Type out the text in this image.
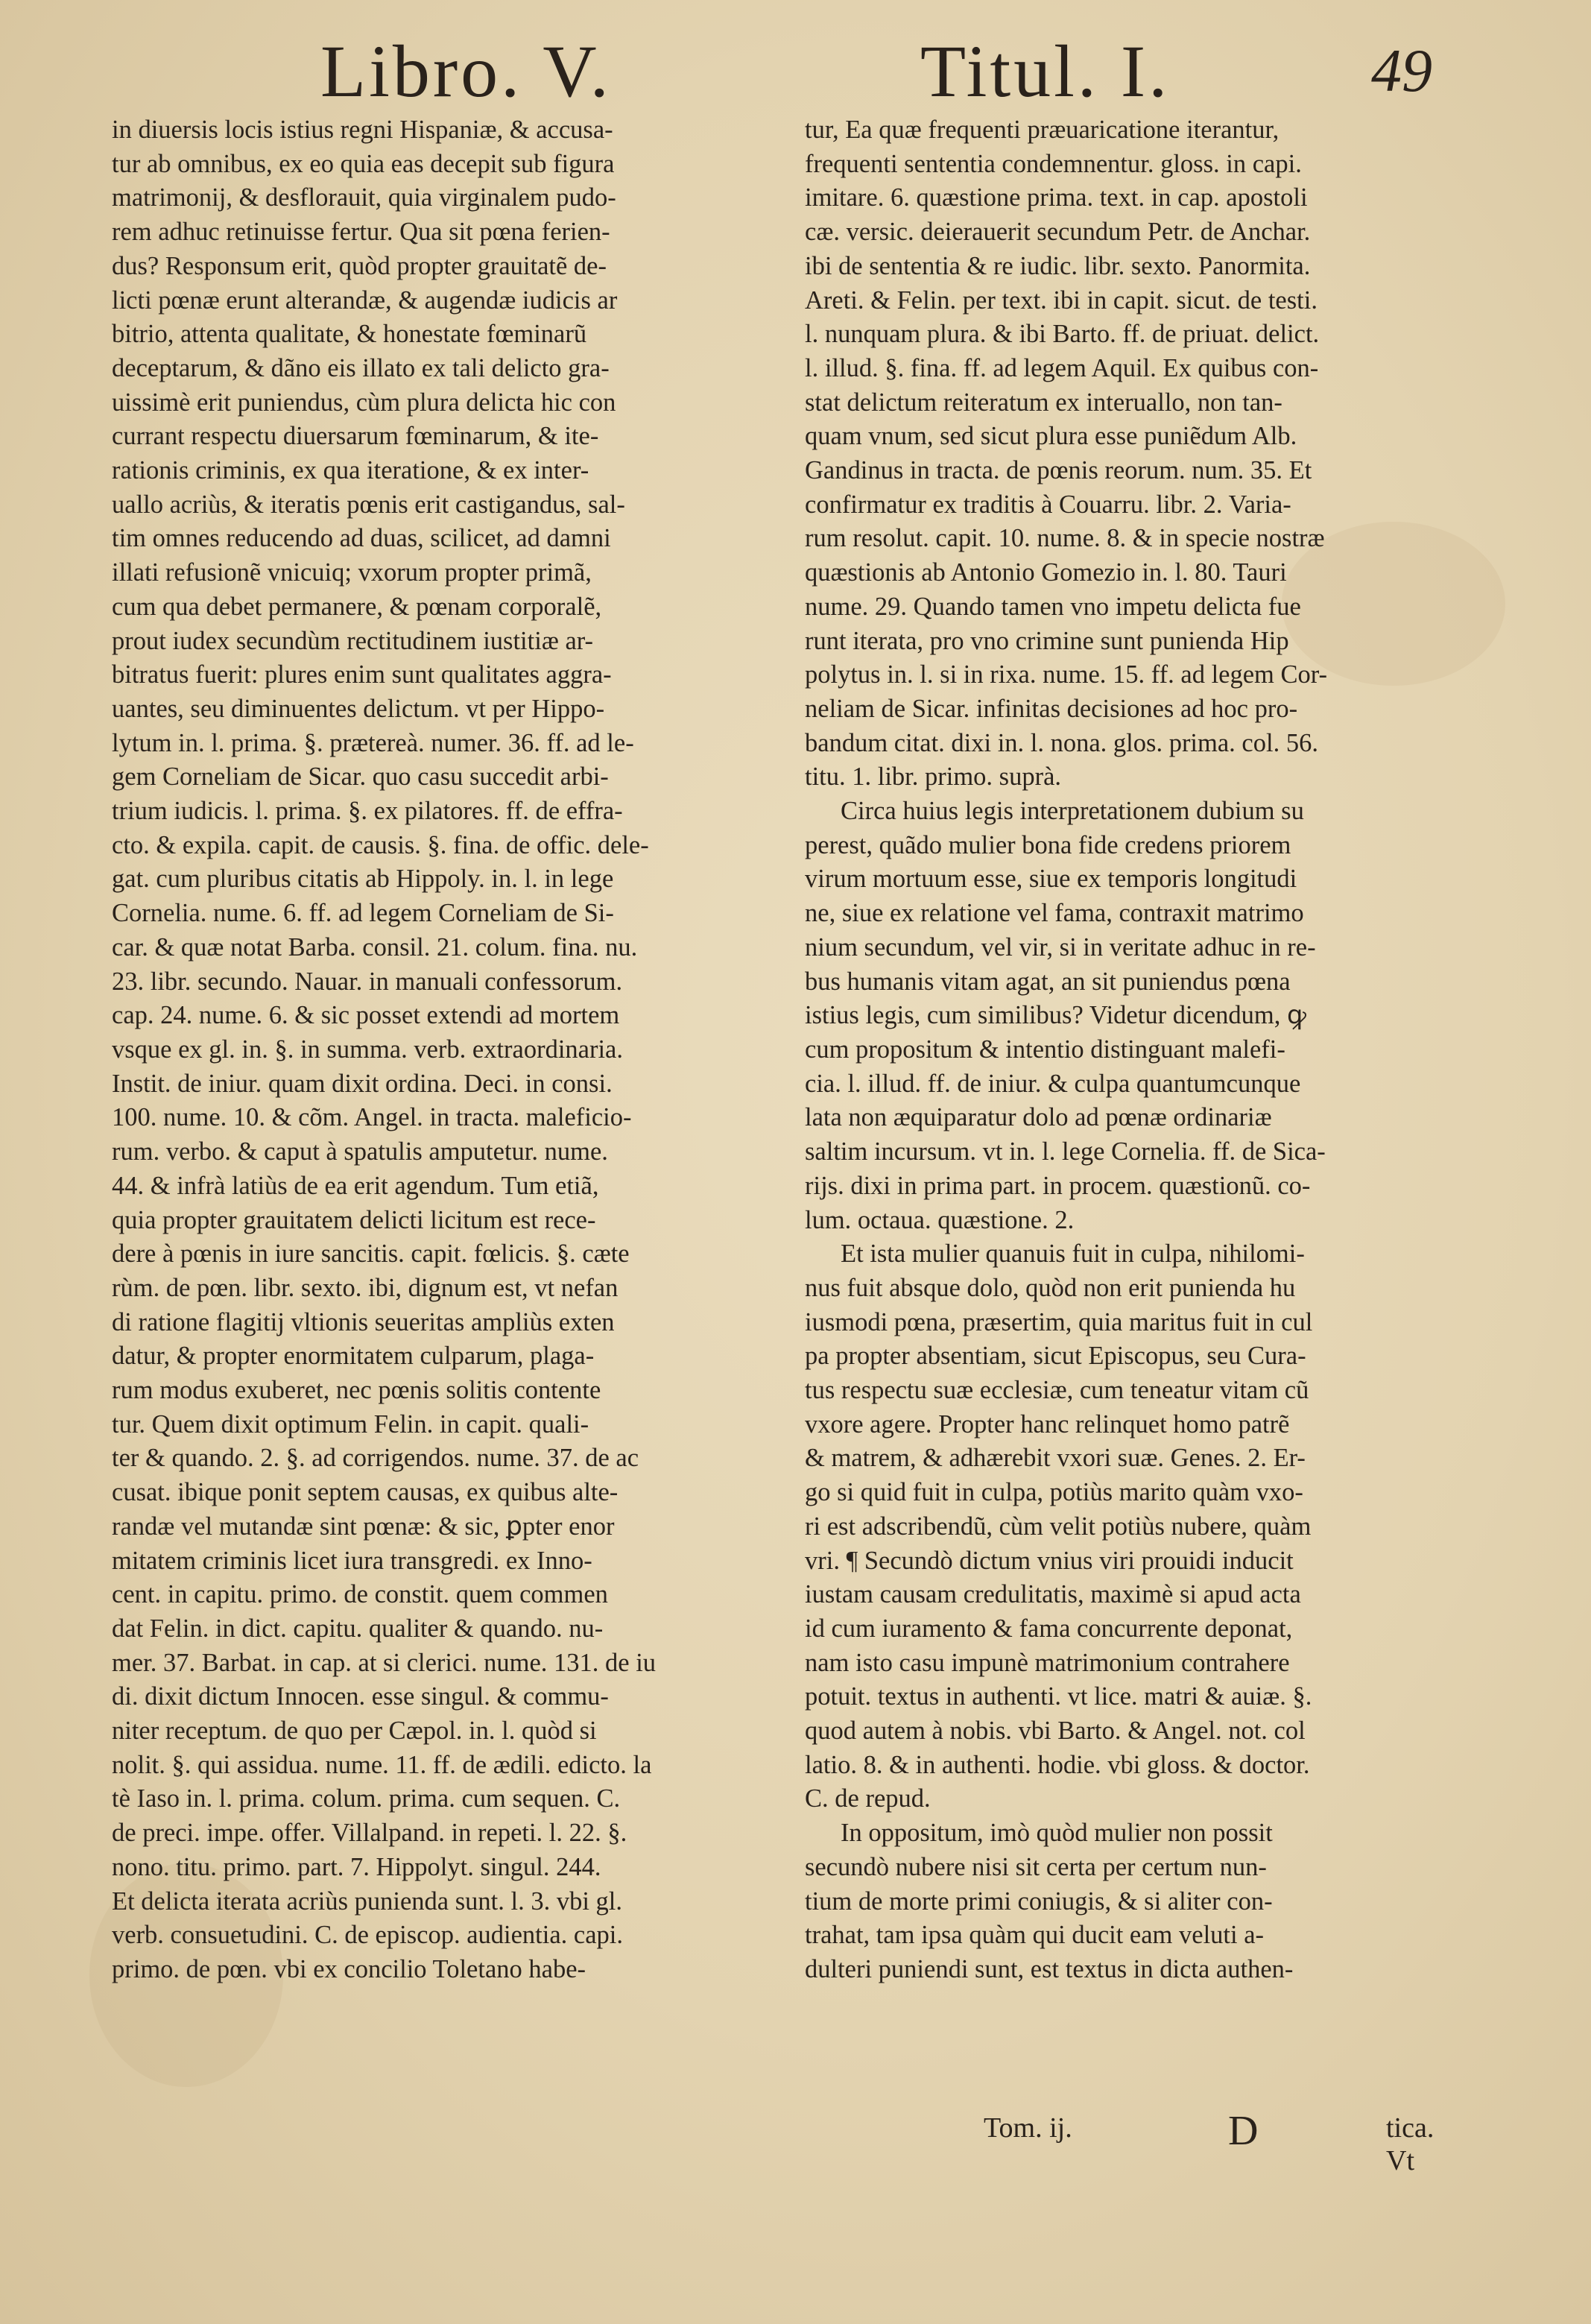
Libro. V.	Titul. I.	49
in diuersis locis istius regni Hispaniæ, & accusa-
tur ab omnibus, ex eo quia eas decepit sub figura
matrimonij, & desflorauit, quia virginalem pudo-
rem adhuc retinuisse fertur. Qua sit pœna ferien-
dus? Responsum erit, quòd propter grauitatẽ de-
licti pœnæ erunt alterandæ, & augendæ iudicis ar
bitrio, attenta qualitate, & honestate fœminarũ
deceptarum, & dãno eis illato ex tali delicto gra-
uissimè erit puniendus, cùm plura delicta hic con
currant respectu diuersarum fœminarum, & ite-
rationis criminis, ex qua iteratione, & ex inter-
uallo acriùs, & iteratis pœnis erit castigandus, sal-
tim omnes reducendo ad duas, scilicet, ad damni
illati refusionẽ vnicuiq; vxorum propter primã,
cum qua debet permanere, & pœnam corporalẽ,
prout iudex secundùm rectitudinem iustitiæ ar-
bitratus fuerit: plures enim sunt qualitates aggra-
uantes, seu diminuentes delictum. vt per Hippo-
lytum in. l. prima. §. prætereà. numer. 36. ff. ad le-
gem Corneliam de Sicar. quo casu succedit arbi-
trium iudicis. l. prima. §. ex pilatores. ff. de effra-
cto. & expila. capit. de causis. §. fina. de offic. dele-
gat. cum pluribus citatis ab Hippoly. in. l. in lege
Cornelia. nume. 6. ff. ad legem Corneliam de Si-
car. & quæ notat Barba. consil. 21. colum. fina. nu.
23. libr. secundo. Nauar. in manuali confessorum.
cap. 24. nume. 6. & sic posset extendi ad mortem
vsque ex gl. in. §. in summa. verb. extraordinaria.
Instit. de iniur. quam dixit ordina. Deci. in consi.
100. nume. 10. & cõm. Angel. in tracta. maleficio-
rum. verbo. & caput à spatulis amputetur. nume.
44. & infrà latiùs de ea erit agendum. Tum etiã,
quia propter grauitatem delicti licitum est rece-
dere à pœnis in iure sancitis. capit. fœlicis. §. cæte
rùm. de pœn. libr. sexto. ibi, dignum est, vt nefan
di ratione flagitij vltionis seueritas ampliùs exten
datur, & propter enormitatem culparum, plaga-
rum modus exuberet, nec pœnis solitis contente
tur. Quem dixit optimum Felin. in capit. quali-
ter & quando. 2. §. ad corrigendos. nume. 37. de ac
cusat. ibique ponit septem causas, ex quibus alte-
randæ vel mutandæ sint pœnæ: & sic, ꝑpter enor
mitatem criminis licet iura transgredi. ex Inno-
cent. in capitu. primo. de constit. quem commen
dat Felin. in dict. capitu. qualiter & quando. nu-
mer. 37. Barbat. in cap. at si clerici. nume. 131. de iu
di. dixit dictum Innocen. esse singul. & commu-
niter receptum. de quo per Cæpol. in. l. quòd si
nolit. §. qui assidua. nume. 11. ff. de ædili. edicto. la
tè Iaso in. l. prima. colum. prima. cum sequen. C.
de preci. impe. offer. Villalpand. in repeti. l. 22. §.
nono. titu. primo. part. 7. Hippolyt. singul. 244.
Et delicta iterata acriùs punienda sunt. l. 3. vbi gl.
verb. consuetudini. C. de episcop. audientia. capi.
primo. de pœn. vbi ex concilio Toletano habe-
tur, Ea quæ frequenti præuaricatione iterantur,
frequenti sententia condemnentur. gloss. in capi.
imitare. 6. quæstione prima. text. in cap. apostoli
cæ. versic. deierauerit secundum Petr. de Anchar.
ibi de sententia & re iudic. libr. sexto. Panormita.
Areti. & Felin. per text. ibi in capit. sicut. de testi.
l. nunquam plura. & ibi Barto. ff. de priuat. delict.
l. illud. §. fina. ff. ad legem Aquil. Ex quibus con-
stat delictum reiteratum ex interuallo, non tan-
quam vnum, sed sicut plura esse puniẽdum Alb.
Gandinus in tracta. de pœnis reorum. num. 35. Et
confirmatur ex traditis à Couarru. libr. 2. Varia-
rum resolut. capit. 10. nume. 8. & in specie nostræ
quæstionis ab Antonio Gomezio in. l. 80. Tauri
nume. 29. Quando tamen vno impetu delicta fue
runt iterata, pro vno crimine sunt punienda Hip
polytus in. l. si in rixa. nume. 15. ff. ad legem Cor-
neliam de Sicar. infinitas decisiones ad hoc pro-
bandum citat. dixi in. l. nona. glos. prima. col. 56.
titu. 1. libr. primo. suprà.
Circa huius legis interpretationem dubium su
perest, quãdo mulier bona fide credens priorem
virum mortuum esse, siue ex temporis longitudi
ne, siue ex relatione vel fama, contraxit matrimo
nium secundum, vel vir, si in veritate adhuc in re-
bus humanis vitam agat, an sit puniendus pœna
istius legis, cum similibus? Videtur dicendum, ꝙ
cum propositum & intentio distinguant malefi-
cia. l. illud. ff. de iniur. & culpa quantumcunque
lata non æquiparatur dolo ad pœnæ ordinariæ
saltim incursum. vt in. l. lege Cornelia. ff. de Sica-
rijs. dixi in prima part. in procem. quæstionũ. co-
lum. octaua. quæstione. 2.
Et ista mulier quanuis fuit in culpa, nihilomi-
nus fuit absque dolo, quòd non erit punienda hu
iusmodi pœna, præsertim, quia maritus fuit in cul
pa propter absentiam, sicut Episcopus, seu Cura-
tus respectu suæ ecclesiæ, cum teneatur vitam cũ
vxore agere. Propter hanc relinquet homo patrẽ
& matrem, & adhærebit vxori suæ. Genes. 2. Er-
go si quid fuit in culpa, potiùs marito quàm vxo-
ri est adscribendũ, cùm velit potiùs nubere, quàm
vri. ¶ Secundò dictum vnius viri prouidi inducit
iustam causam credulitatis, maximè si apud acta
id cum iuramento & fama concurrente deponat,
nam isto casu impunè matrimonium contrahere
potuit. textus in authenti. vt lice. matri & auiæ. §.
quod autem à nobis. vbi Barto. & Angel. not. col
latio. 8. & in authenti. hodie. vbi gloss. & doctor.
C. de repud.
In oppositum, imò quòd mulier non possit
secundò nubere nisi sit certa per certum nun-
tium de morte primi coniugis, & si aliter con-
trahat, tam ipsa quàm qui ducit eam veluti a-
dulteri puniendi sunt, est textus in dicta authen-
Tom. ij.	D	tica. Vt
